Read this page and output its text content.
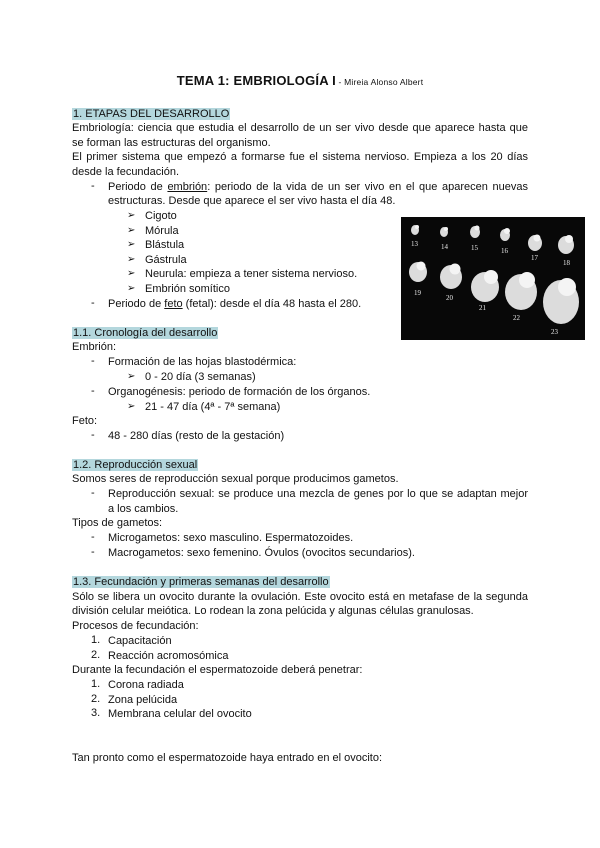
TEMA 1: EMBRIOLOGÍA I - Mireia Alonso Albert
1. ETAPAS DEL DESARROLLO
Embriología: ciencia que estudia el desarrollo de un ser vivo desde que aparece hasta que
se forman las estructuras del organismo.
El primer sistema que empezó a formarse fue el sistema nervioso. Empieza a los 20 días
desde la fecundación.
- Periodo de embrión: periodo de la vida de un ser vivo en el que aparecen nuevas
estructuras. Desde que aparece el ser vivo hasta el día 48.
➢ Cigoto
➢ Mórula
➢ Blástula
➢ Gástrula
➢ Neurula: empieza a tener sistema nervioso.
➢ Embrión somítico
- Periodo de feto (fetal): desde el día 48 hasta el 280.
13	14	15	16
17
18
19
20
21
22
23
1.1. Cronología del desarrollo
Embrión:
- Formación de las hojas blastodérmica:
➢ 0 - 20 día (3 semanas)
- Organogénesis: periodo de formación de los órganos.
➢ 21 - 47 día (4ª - 7ª semana)
Feto:
- 48 - 280 días (resto de la gestación)
1.2. Reproducción sexual
Somos seres de reproducción sexual porque producimos gametos.
- Reproducción sexual: se produce una mezcla de genes por lo que se adaptan mejor
a los cambios.
Tipos de gametos:
- Microgametos: sexo masculino. Espermatozoides.
- Macrogametos: sexo femenino. Óvulos (ovocitos secundarios).
1.3. Fecundación y primeras semanas del desarrollo
Sólo se libera un ovocito durante la ovulación. Este ovocito está en metafase de la segunda
división celular meiótica. Lo rodean la zona pelúcida y algunas células granulosas.
Procesos de fecundación:
1. Capacitación
2. Reacción acromosómica
Durante la fecundación el espermatozoide deberá penetrar:
1. Corona radiada
2. Zona pelúcida
3. Membrana celular del ovocito
Tan pronto como el espermatozoide haya entrado en el ovocito:
